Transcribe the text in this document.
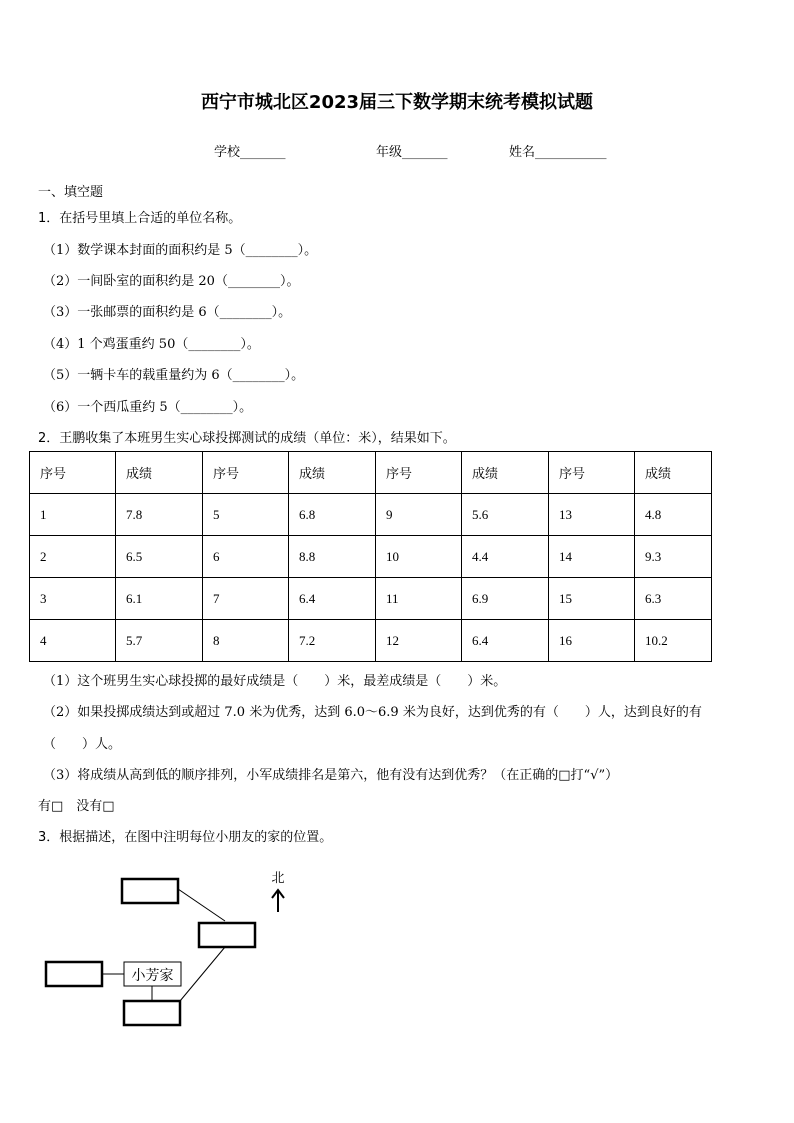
西宁市城北区2023届三下数学期末统考模拟试题
学校_______	年级_______	姓名___________
一、填空题
1．在括号里填上合适的单位名称。
（1）数学课本封面的面积约是 5（________）。
（2）一间卧室的面积约是 20（________）。
（3）一张邮票的面积约是 6（________）。
（4）1 个鸡蛋重约 50（________）。
（5）一辆卡车的载重量约为 6（________）。
（6）一个西瓜重约 5（________）。
2．王鹏收集了本班男生实心球投掷测试的成绩（单位：米），结果如下。
序号	成绩	序号	成绩	序号	成绩	序号	成绩
1	7.8	5	6.8	9	5.6	13	4.8
2	6.5	6	8.8	10	4.4	14	9.3
3	6.1	7	6.4	11	6.9	15	6.3
4	5.7	8	7.2	12	6.4	16	10.2
（1）这个班男生实心球投掷的最好成绩是（　　）米，最差成绩是（　　）米。
（2）如果投掷成绩达到或超过 7.0 米为优秀，达到 6.0～6.9 米为良好，达到优秀的有（　　）人，达到良好的有
（　　）人。
（3）将成绩从高到低的顺序排列，小军成绩排名是第六，他有没有达到优秀？（在正确的□打“√”）
有□　没有□
3．根据描述，在图中注明每位小朋友的家的位置。
小芳家
北
